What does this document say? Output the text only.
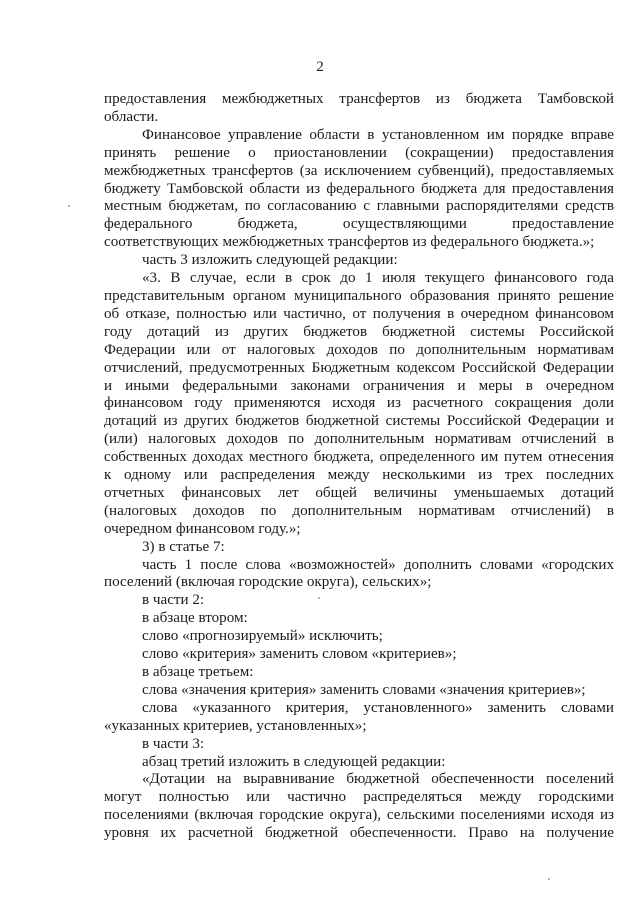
2
предоставления межбюджетных трансфертов из бюджета Тамбовской
области.
Финансовое управление области в установленном им порядке вправе
принять решение о приостановлении (сокращении) предоставления
межбюджетных трансфертов (за исключением субвенций), предоставляемых
бюджету Тамбовской области из федерального бюджета для предоставления
местным бюджетам, по согласованию с главными распорядителями средств
федерального бюджета, осуществляющими предоставление
соответствующих межбюджетных трансфертов из федерального бюджета.»;
часть 3 изложить следующей редакции:
«3. В случае, если в срок до 1 июля текущего финансового года
представительным органом муниципального образования принято решение
об отказе, полностью или частично, от получения в очередном финансовом
году дотаций из других бюджетов бюджетной системы Российской
Федерации или от налоговых доходов по дополнительным нормативам
отчислений, предусмотренных Бюджетным кодексом Российской Федерации
и иными федеральными законами ограничения и меры в очередном
финансовом году применяются исходя из расчетного сокращения доли
дотаций из других бюджетов бюджетной системы Российской Федерации и
(или) налоговых доходов по дополнительным нормативам отчислений в
собственных доходах местного бюджета, определенного им путем отнесения
к одному или распределения между несколькими из трех последних
отчетных финансовых лет общей величины уменьшаемых дотаций
(налоговых доходов по дополнительным нормативам отчислений) в
очередном финансовом году.»;
3) в статье 7:
часть 1 после слова «возможностей» дополнить словами «городских
поселений (включая городские округа), сельских»;
в части 2:
в абзаце втором:
слово «прогнозируемый» исключить;
слово «критерия» заменить словом «критериев»;
в абзаце третьем:
слова «значения критерия» заменить словами «значения критериев»;
слова «указанного критерия, установленного» заменить словами
«указанных критериев, установленных»;
в части 3:
абзац третий изложить в следующей редакции:
«Дотации на выравнивание бюджетной обеспеченности поселений
могут полностью или частично распределяться между городскими
поселениями (включая городские округа), сельскими поселениями исходя из
уровня их расчетной бюджетной обеспеченности. Право на получение
